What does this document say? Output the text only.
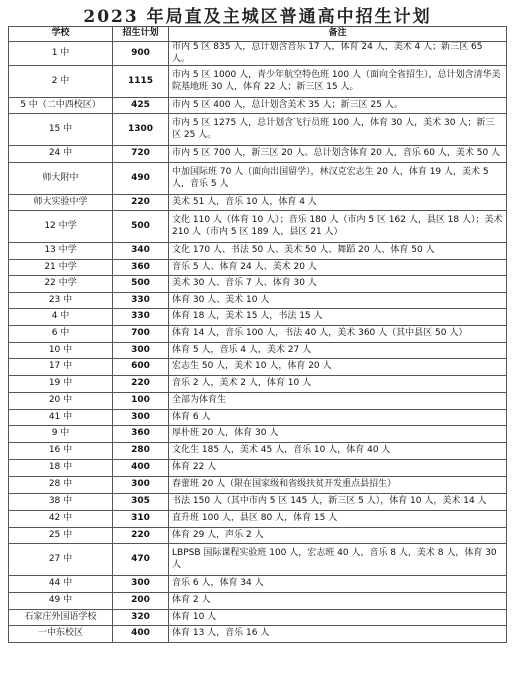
2023 年局直及主城区普通高中招生计划
学校	招生计划	备注
1 中	900	市内 5 区 835 人，总计划含音乐 17 人，体育 24 人，美术 4 人；新三区 65 人。
2 中	1115	市内 5 区 1000 人，青少年航空特色班 100 人（面向全省招生），总计划含清华美院基地班 30 人，体育 22 人；新三区 15 人。
5 中（二中西校区）	425	市内 5 区 400 人，总计划含美术 35 人；新三区 25 人。
15 中	1300	市内 5 区 1275 人，总计划含飞行员班 100 人，体育 30 人，美术 30 人；新三区 25 人。
24 中	720	市内 5 区 700 人，新三区 20 人。总计划含体育 20 人，音乐 60 人，美术 50 人
师大附中	490	中加国际班 70 人（面向出国留学），林汉克宏志生 20 人，体育 19 人，美术 5 人，音乐 5 人
师大实验中学	220	美术 51 人，音乐 10 人，体育 4 人
12 中学	500	文化 110 人（体育 10 人）；音乐 180 人（市内 5 区 162 人，县区 18 人）；美术 210 人（市内 5 区 189 人，县区 21 人）
13 中学	340	文化 170 人、书法 50 人、美术 50 人、舞蹈 20 人、体育 50 人
21 中学	360	音乐 5 人、体育 24 人、美术 20 人
22 中学	500	美术 30 人、音乐 7 人、体育 30 人
23 中	330	体育 30 人、美术 10 人
4 中	330	体育 18 人，美术 15 人，书法 15 人
6 中	700	体育 14 人，音乐 100 人，书法 40 人，美术 360 人（其中县区 50 人）
10 中	300	体育 5 人，音乐 4 人，美术 27 人
17 中	600	宏志生 50 人，美术 10 人，体育 20 人
19 中	220	音乐 2 人，美术 2 人，体育 10 人
20 中	100	全部为体育生
41 中	300	体育 6 人
9 中	360	厚朴班 20 人，体育 30 人
16 中	280	文化生 185 人，美术 45 人，音乐 10 人，体育 40 人
18 中	400	体育 22 人
28 中	300	春蕾班 20 人（限在国家级和省级扶贫开发重点县招生）
38 中	305	书法 150 人（其中市内 5 区 145 人，新三区 5 人），体育 10 人，美术 14 人
42 中	310	直升班 100 人，县区 80 人，体育 15 人
25 中	220	体育 29 人，声乐 2 人
27 中	470	LBPSB 国际课程实验班 100 人，宏志班 40 人，音乐 8 人，美术 8 人，体育 30 人
44 中	300	音乐 6 人，体育 34 人
49 中	200	体育 2 人
石家庄外国语学校	320	体育 10 人
一中东校区	400	体育 13 人，音乐 16 人
